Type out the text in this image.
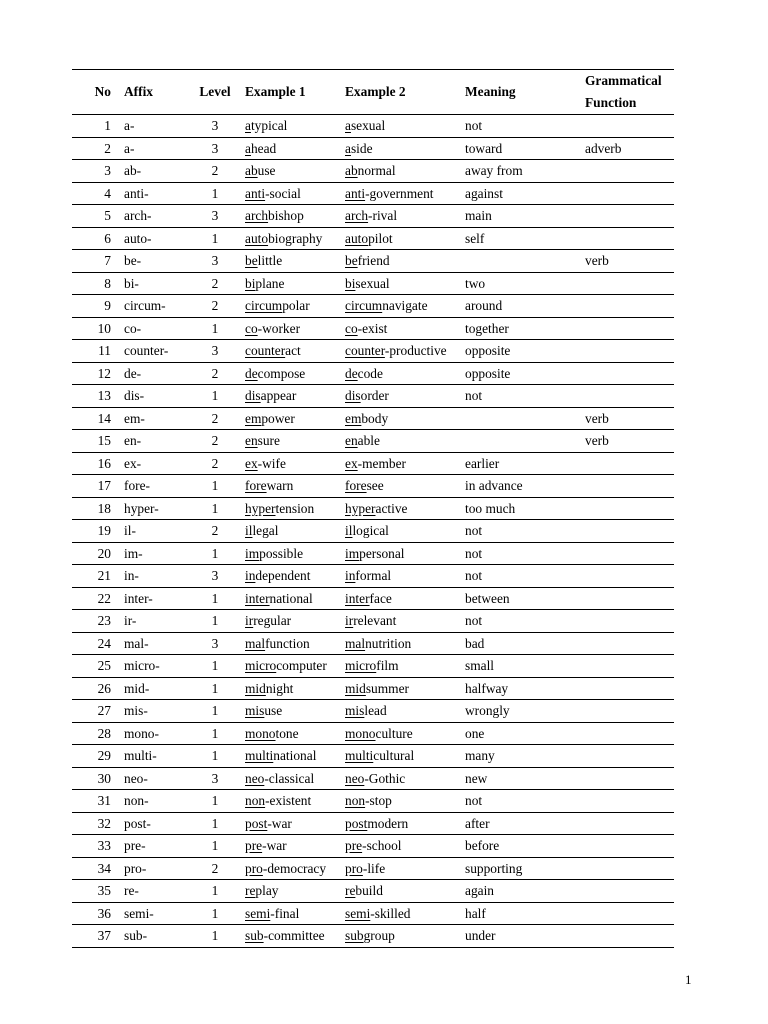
No	Affix	Level	Example 1	Example 2	Meaning	Grammatical
Function
1	a-	3	atypical	asexual	not	
2	a-	3	ahead	aside	toward	adverb
3	ab-	2	abuse	abnormal	away from	
4	anti-	1	anti-social	anti-government	against	
5	arch-	3	archbishop	arch-rival	main	
6	auto-	1	autobiography	autopilot	self	
7	be-	3	belittle	befriend		verb
8	bi-	2	biplane	bisexual	two	
9	circum-	2	circumpolar	circumnavigate	around	
10	co-	1	co-worker	co-exist	together	
11	counter-	3	counteract	counter-productive	opposite	
12	de-	2	decompose	decode	opposite	
13	dis-	1	disappear	disorder	not	
14	em-	2	empower	embody		verb
15	en-	2	ensure	enable		verb
16	ex-	2	ex-wife	ex-member	earlier	
17	fore-	1	forewarn	foresee	in advance	
18	hyper-	1	hypertension	hyperactive	too much	
19	il-	2	illegal	illogical	not	
20	im-	1	impossible	impersonal	not	
21	in-	3	independent	informal	not	
22	inter-	1	international	interface	between	
23	ir-	1	irregular	irrelevant	not	
24	mal-	3	malfunction	malnutrition	bad	
25	micro-	1	microcomputer	microfilm	small	
26	mid-	1	midnight	midsummer	halfway	
27	mis-	1	misuse	mislead	wrongly	
28	mono-	1	monotone	monoculture	one	
29	multi-	1	multinational	multicultural	many	
30	neo-	3	neo-classical	neo-Gothic	new	
31	non-	1	non-existent	non-stop	not	
32	post-	1	post-war	postmodern	after	
33	pre-	1	pre-war	pre-school	before	
34	pro-	2	pro-democracy	pro-life	supporting	
35	re-	1	replay	rebuild	again	
36	semi-	1	semi-final	semi-skilled	half	
37	sub-	1	sub-committee	subgroup	under	
1
